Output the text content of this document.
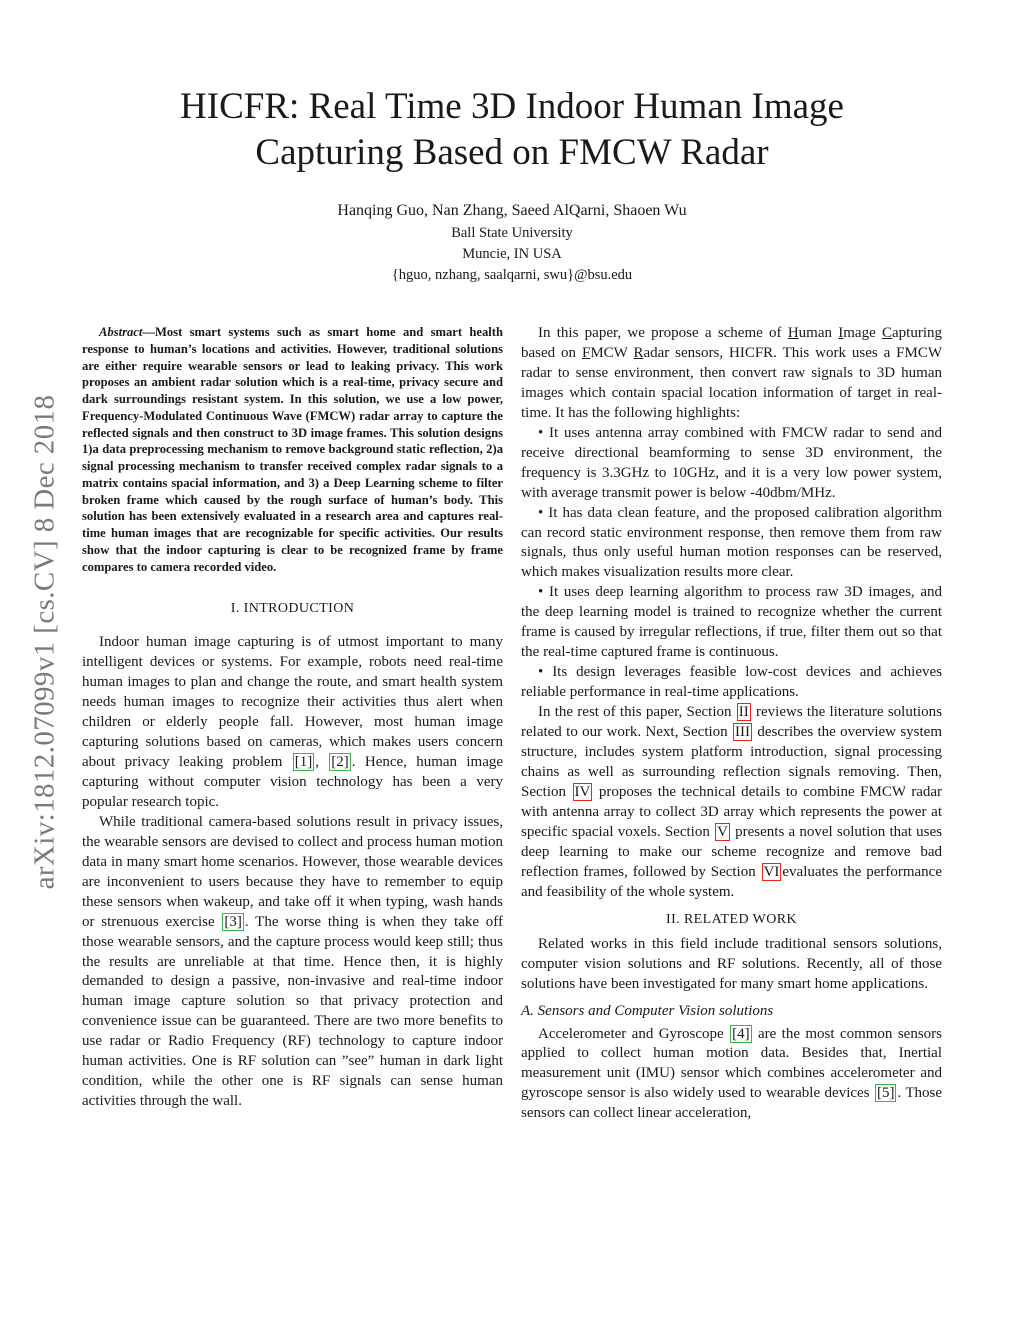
arXiv:1812.07099v1 [cs.CV] 8 Dec 2018
HICFR: Real Time 3D Indoor Human Image
Capturing Based on FMCW Radar
Hanqing Guo, Nan Zhang, Saeed AlQarni, Shaoen Wu
Ball State University
Muncie, IN USA
{hguo, nzhang, saalqarni, swu}@bsu.edu

Abstract—Most smart systems such as smart home and smart health response to human’s locations and activities. However, traditional solutions are either require wearable sensors or lead to leaking privacy. This work proposes an ambient radar solution which is a real-time, privacy secure and dark surroundings resistant system. In this solution, we use a low power, Frequency-Modulated Continuous Wave (FMCW) radar array to capture the reflected signals and then construct to 3D image frames. This solution designs 1)a data preprocessing mechanism to remove background static reflection, 2)a signal processing mechanism to transfer received complex radar signals to a matrix contains spacial information, and 3) a Deep Learning scheme to filter broken frame which caused by the rough surface of human’s body. This solution has been extensively evaluated in a research area and captures real-time human images that are recognizable for specific activities. Our results show that the indoor capturing is clear to be recognized frame by frame compares to camera recorded video.

I. INTRODUCTION

Indoor human image capturing is of utmost important to many intelligent devices or systems. For example, robots need real-time human images to plan and change the route, and smart health system needs human images to recognize their activities thus alert when children or elderly people fall. However, most human image capturing solutions based on cameras, which makes users concern about privacy leaking problem [1] , [2] . Hence, human image capturing without computer vision technology has been a very popular research topic.

While traditional camera-based solutions result in privacy issues, the wearable sensors are devised to collect and process human motion data in many smart home scenarios. However, those wearable devices are inconvenient to users because they have to remember to equip these sensors when wakeup, and take off it when typing, wash hands or strenuous exercise [3] . The worse thing is when they take off those wearable sensors, and the capture process would keep still; thus the results are unreliable at that time. Hence then, it is highly demanded to design a passive, non-invasive and real-time indoor human image capture solution so that privacy protection and convenience issue can be guaranteed. There are two more benefits to use radar or Radio Frequency (RF) technology to capture indoor human activities. One is RF solution can ”see” human in dark light condition, while the other one is RF signals can sense human activities through the wall.

In this paper, we propose a scheme of Human Image Capturing based on FMCW Radar sensors, HICFR. This work uses a FMCW radar to sense environment, then convert raw signals to 3D human images which contain spacial location information of target in real-time. It has the following highlights:

• It uses antenna array combined with FMCW radar to send and receive directional beamforming to sense 3D environment, the frequency is 3.3GHz to 10GHz, and it is a very low power system, with average transmit power is below -40dbm/MHz.

• It has data clean feature, and the proposed calibration algorithm can record static environment response, then remove them from raw signals, thus only useful human motion responses can be reserved, which makes visualization results more clear.

• It uses deep learning algorithm to process raw 3D images, and the deep learning model is trained to recognize whether the current frame is caused by irregular reflections, if true, filter them out so that the real-time captured frame is continuous.

• Its design leverages feasible low-cost devices and achieves reliable performance in real-time applications.

In the rest of this paper, Section II reviews the literature solutions related to our work. Next, Section III describes the overview system structure, includes system platform introduction, signal processing chains as well as surrounding reflection signals removing. Then, Section IV proposes the technical details to combine FMCW radar with antenna array to collect 3D array which represents the power at specific spacial voxels. Section V presents a novel solution that uses deep learning to make our scheme recognize and remove bad reflection frames, followed by Section VI evaluates the performance and feasibility of the whole system.

II. RELATED WORK

Related works in this field include traditional sensors solutions, computer vision solutions and RF solutions. Recently, all of those solutions have been investigated for many smart home applications.

A. Sensors and Computer Vision solutions

Accelerometer and Gyroscope [4] are the most common sensors applied to collect human motion data. Besides that, Inertial measurement unit (IMU) sensor which combines accelerometer and gyroscope sensor is also widely used to wearable devices [5] . Those sensors can collect linear acceleration,
